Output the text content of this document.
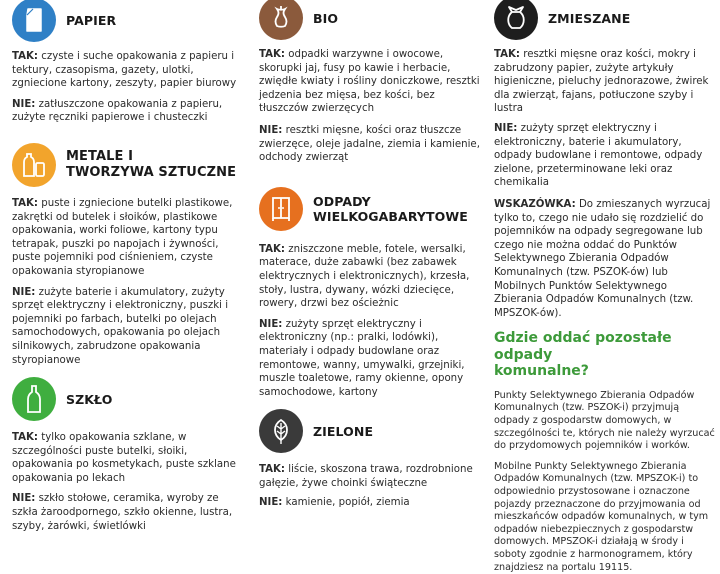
PAPIER

TAK: czyste i suche opakowania z papieru i tektury, czasopisma, gazety, ulotki, zgniecione kartony, zeszyty, papier biurowy

NIE: zatłuszczone opakowania z papieru, zużyte ręczniki papierowe i chusteczki

METALE I
TWORZYWA SZTUCZNE

TAK: puste i zgniecione butelki plastikowe, zakrętki od butelek i słoików, plastikowe opakowania, worki foliowe, kartony typu tetrapak, puszki po napojach i żywności, puste pojemniki pod ciśnieniem, czyste opakowania styropianowe

NIE: zużyte baterie i akumulatory, zużyty sprzęt elektryczny i elektroniczny, puszki i pojemniki po farbach, butelki po olejach samochodowych, opakowania po olejach silnikowych, zabrudzone opakowania styropianowe

SZKŁO

TAK: tylko opakowania szklane, w szczególności puste butelki, słoiki, opakowania po kosmetykach, puste szklane opakowania po lekach

NIE: szkło stołowe, ceramika, wyroby ze szkła żaroodpornego, szkło okienne, lustra, szyby, żarówki, świetlówki

BIO

TAK: odpadki warzywne i owocowe, skorupki jaj, fusy po kawie i herbacie, zwiędłe kwiaty i rośliny doniczkowe, resztki jedzenia bez mięsa, bez kości, bez tłuszczów zwierzęcych

NIE: resztki mięsne, kości oraz tłuszcze zwierzęce, oleje jadalne, ziemia i kamienie, odchody zwierząt

ODPADY
WIELKOGABARYTOWE

TAK: zniszczone meble, fotele, wersalki, materace, duże zabawki (bez zabawek elektrycznych i elektronicznych), krzesła, stoły, lustra, dywany, wózki dziecięce, rowery, drzwi bez ościeżnic

NIE: zużyty sprzęt elektryczny i elektroniczny (np.: pralki, lodówki), materiały i odpady budowlane oraz remontowe, wanny, umywalki, grzejniki, muszle toaletowe, ramy okienne, opony samochodowe, kartony

ZIELONE

TAK: liście, skoszona trawa, rozdrobnione gałęzie, żywe choinki świąteczne

NIE: kamienie, popiół, ziemia

ZMIESZANE

TAK: resztki mięsne oraz kości, mokry i zabrudzony papier, zużyte artykuły higieniczne, pieluchy jednorazowe, żwirek dla zwierząt, fajans, potłuczone szyby i lustra

NIE: zużyty sprzęt elektryczny i elektroniczny, baterie i akumulatory, odpady budowlane i remontowe, odpady zielone, przeterminowane leki oraz chemikalia

WSKAZÓWKA: Do zmieszanych wyrzucaj tylko to, czego nie udało się rozdzielić do pojemników na odpady segregowane lub czego nie można oddać do Punktów Selektywnego Zbierania Odpadów Komunalnych (tzw. PSZOK-ów) lub Mobilnych Punktów Selektywnego Zbierania Odpadów Komunalnych (tzw. MPSZOK-ów).

Gdzie oddać pozostałe odpady
komunalne?

Punkty Selektywnego Zbierania Odpadów Komunalnych (tzw. PSZOK-i) przyjmują odpady z gospodarstw domowych, w szczególności te, których nie należy wyrzucać do przydomowych pojemników i worków.

Mobilne Punkty Selektywnego Zbierania Odpadów Komunalnych (tzw. MPSZOK-i) to odpowiednio przystosowane i oznaczone pojazdy przeznaczone do przyjmowania od mieszkańców odpadów komunalnych, w tym odpadów niebezpiecznych z gospodarstw domowych. MPSZOK-i działają w środy i soboty zgodnie z harmonogramem, który znajdziesz na portalu 19115.
